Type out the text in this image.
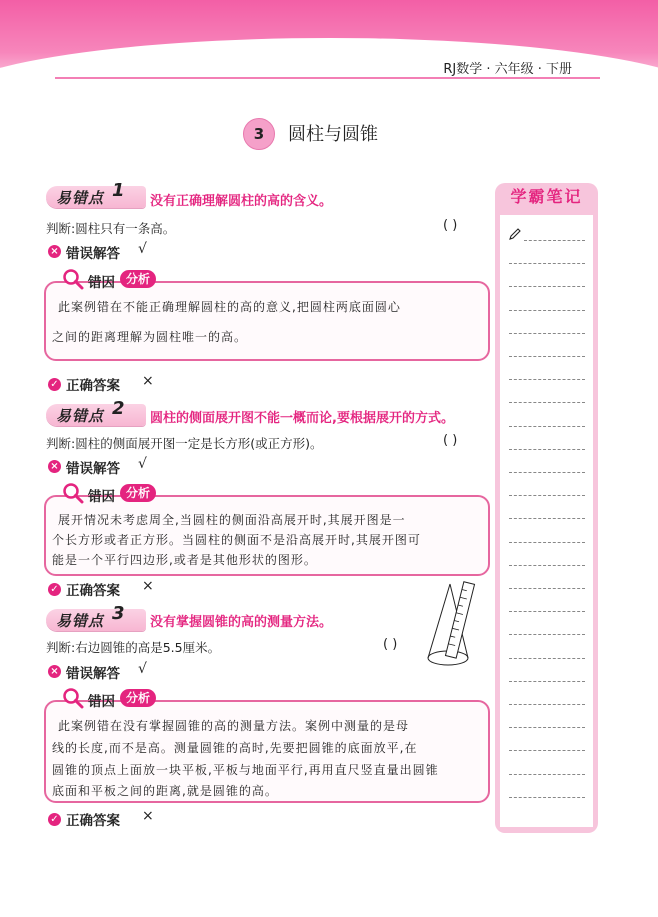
RJ数学 · 六年级 · 下册
3	圆柱与圆锥
易错点 1
没有正确理解圆柱的高的含义。
判断:圆柱只有一条高。	( )
× 错误解答 √
错因 分析
此案例错在不能正确理解圆柱的高的意义,把圆柱两底面圆心
之间的距离理解为圆柱唯一的高。
✓ 正确答案 ×
易错点 2 圆柱的侧面展开图不能一概而论,要根据展开的方式。
判断:圆柱的侧面展开图一定是长方形(或正方形)。	( )
× 错误解答 √
错因 分析
展开情况未考虑周全,当圆柱的侧面沿高展开时,其展开图是一
个长方形或者正方形。当圆柱的侧面不是沿高展开时,其展开图可
能是一个平行四边形,或者是其他形状的图形。
✓ 正确答案 ×
易错点 3 没有掌握圆锥的高的测量方法。
判断:右边圆锥的高是5.5厘米。	( )
× 错误解答 √
错因 分析
此案例错在没有掌握圆锥的高的测量方法。案例中测量的是母
线的长度,而不是高。测量圆锥的高时,先要把圆锥的底面放平,在
圆锥的顶点上面放一块平板,平板与地面平行,再用直尺竖直量出圆锥
底面和平板之间的距离,就是圆锥的高。
✓ 正确答案 ×
学霸笔记
